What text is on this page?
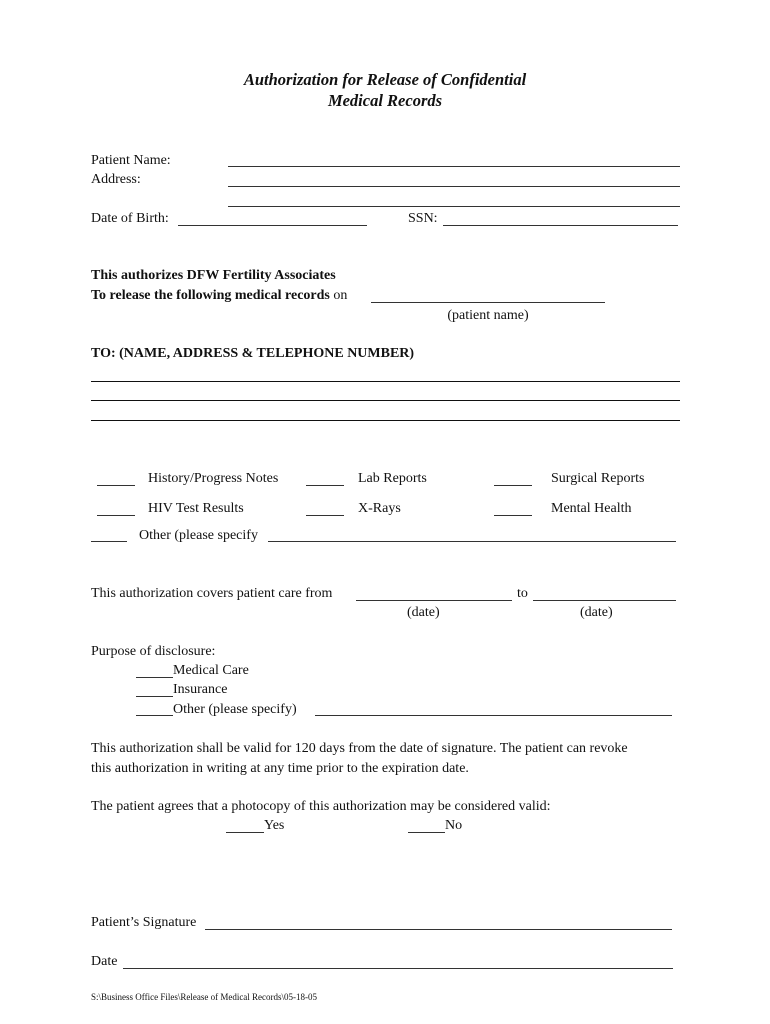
Authorization for Release of Confidential
Medical Records
Patient Name:
Address:
Date of Birth:	SSN:
This authorizes DFW Fertility Associates
To release the following medical records on
(patient name)
TO: (NAME, ADDRESS & TELEPHONE NUMBER)
History/Progress Notes	Lab Reports	Surgical Reports
HIV Test Results	X-Rays	Mental Health
Other (please specify
This authorization covers patient care from	to
(date)	(date)
Purpose of disclosure:
Medical Care
Insurance
Other (please specify)
This authorization shall be valid for 120 days from the date of signature. The patient can revoke
this authorization in writing at any time prior to the expiration date.
The patient agrees that a photocopy of this authorization may be considered valid:
Yes	No
Patient’s Signature
Date
S:\Business Office Files\Release of Medical Records\05-18-05
